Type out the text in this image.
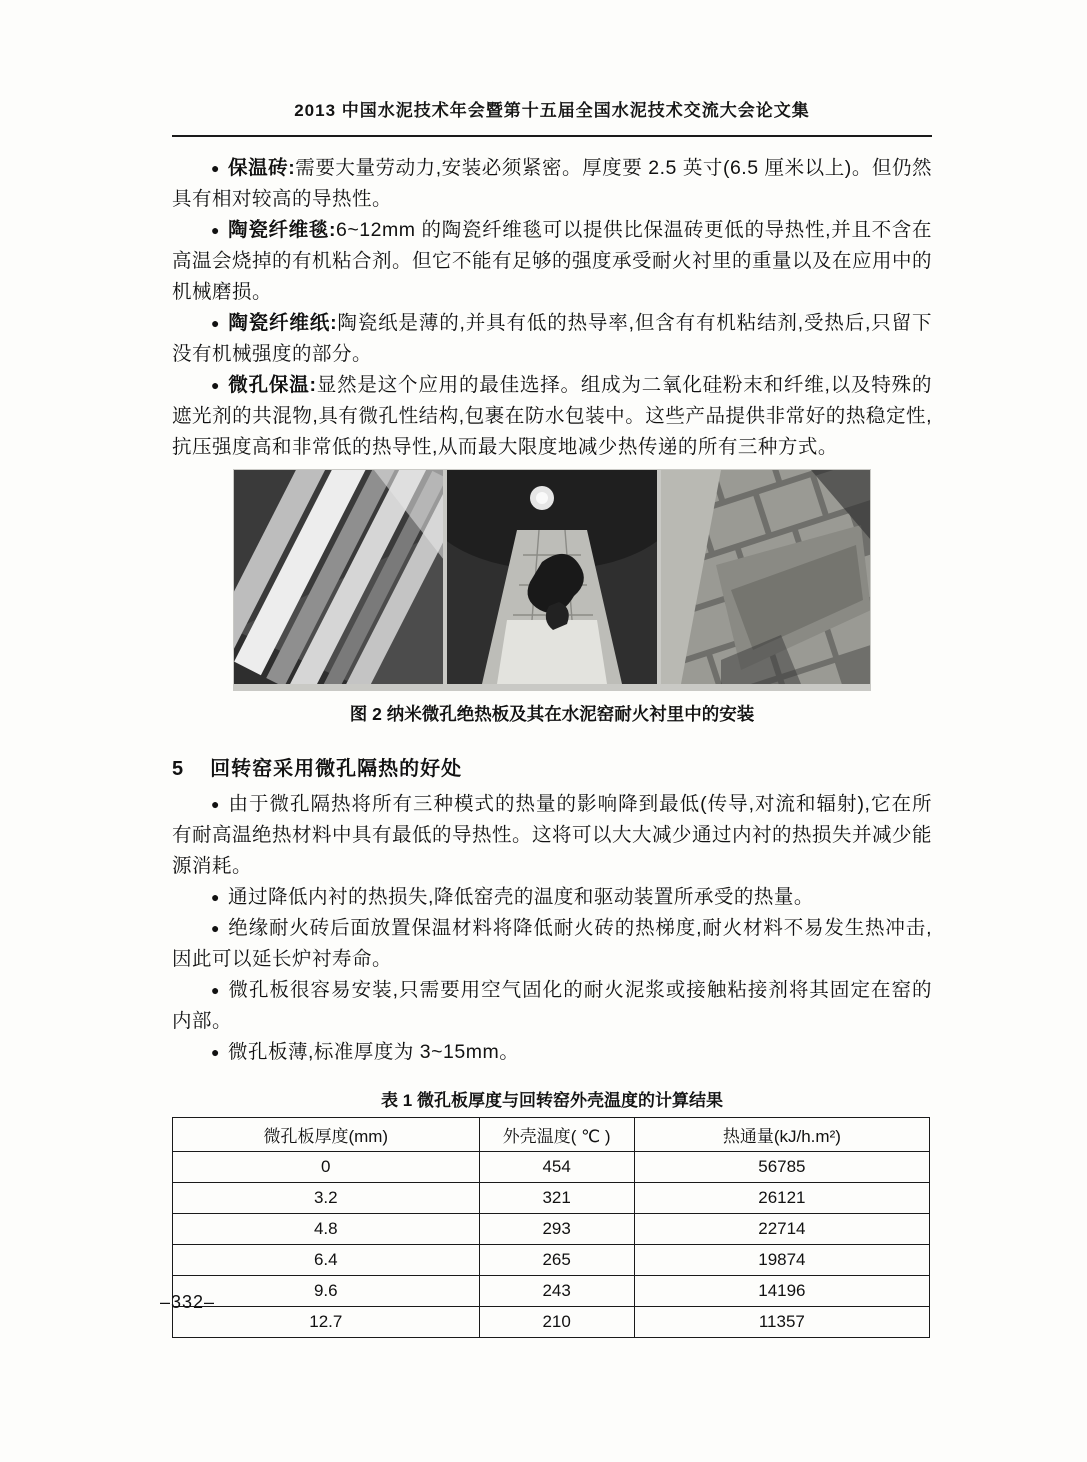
2013 中国水泥技术年会暨第十五届全国水泥技术交流大会论文集

● 保温砖:需要大量劳动力,安装必须紧密。厚度要 2.5 英寸(6.5 厘米以上)。但仍然具有相对较高的导热性。

● 陶瓷纤维毯:6~12mm 的陶瓷纤维毯可以提供比保温砖更低的导热性,并且不含在高温会烧掉的有机粘合剂。但它不能有足够的强度承受耐火衬里的重量以及在应用中的机械磨损。

● 陶瓷纤维纸:陶瓷纸是薄的,并具有低的热导率,但含有有机粘结剂,受热后,只留下没有机械强度的部分。

● 微孔保温:显然是这个应用的最佳选择。组成为二氧化硅粉末和纤维,以及特殊的遮光剂的共混物,具有微孔性结构,包裹在防水包装中。这些产品提供非常好的热稳定性,抗压强度高和非常低的热导性,从而最大限度地减少热传递的所有三种方式。

图 2 纳米微孔绝热板及其在水泥窑耐火衬里中的安装

5 回转窑采用微孔隔热的好处

● 由于微孔隔热将所有三种模式的热量的影响降到最低(传导,对流和辐射),它在所有耐高温绝热材料中具有最低的导热性。这将可以大大减少通过内衬的热损失并减少能源消耗。

● 通过降低内衬的热损失,降低窑壳的温度和驱动装置所承受的热量。

● 绝缘耐火砖后面放置保温材料将降低耐火砖的热梯度,耐火材料不易发生热冲击,因此可以延长炉衬寿命。

● 微孔板很容易安装,只需要用空气固化的耐火泥浆或接触粘接剂将其固定在窑的内部。

● 微孔板薄,标准厚度为 3~15mm。

表 1 微孔板厚度与回转窑外壳温度的计算结果

微孔板厚度(mm)	外壳温度( ℃ )	热通量(kJ/h.m²)
0	454	56785
3.2	321	26121
4.8	293	22714
6.4	265	19874
9.6	243	14196
12.7	210	11357
–332–
